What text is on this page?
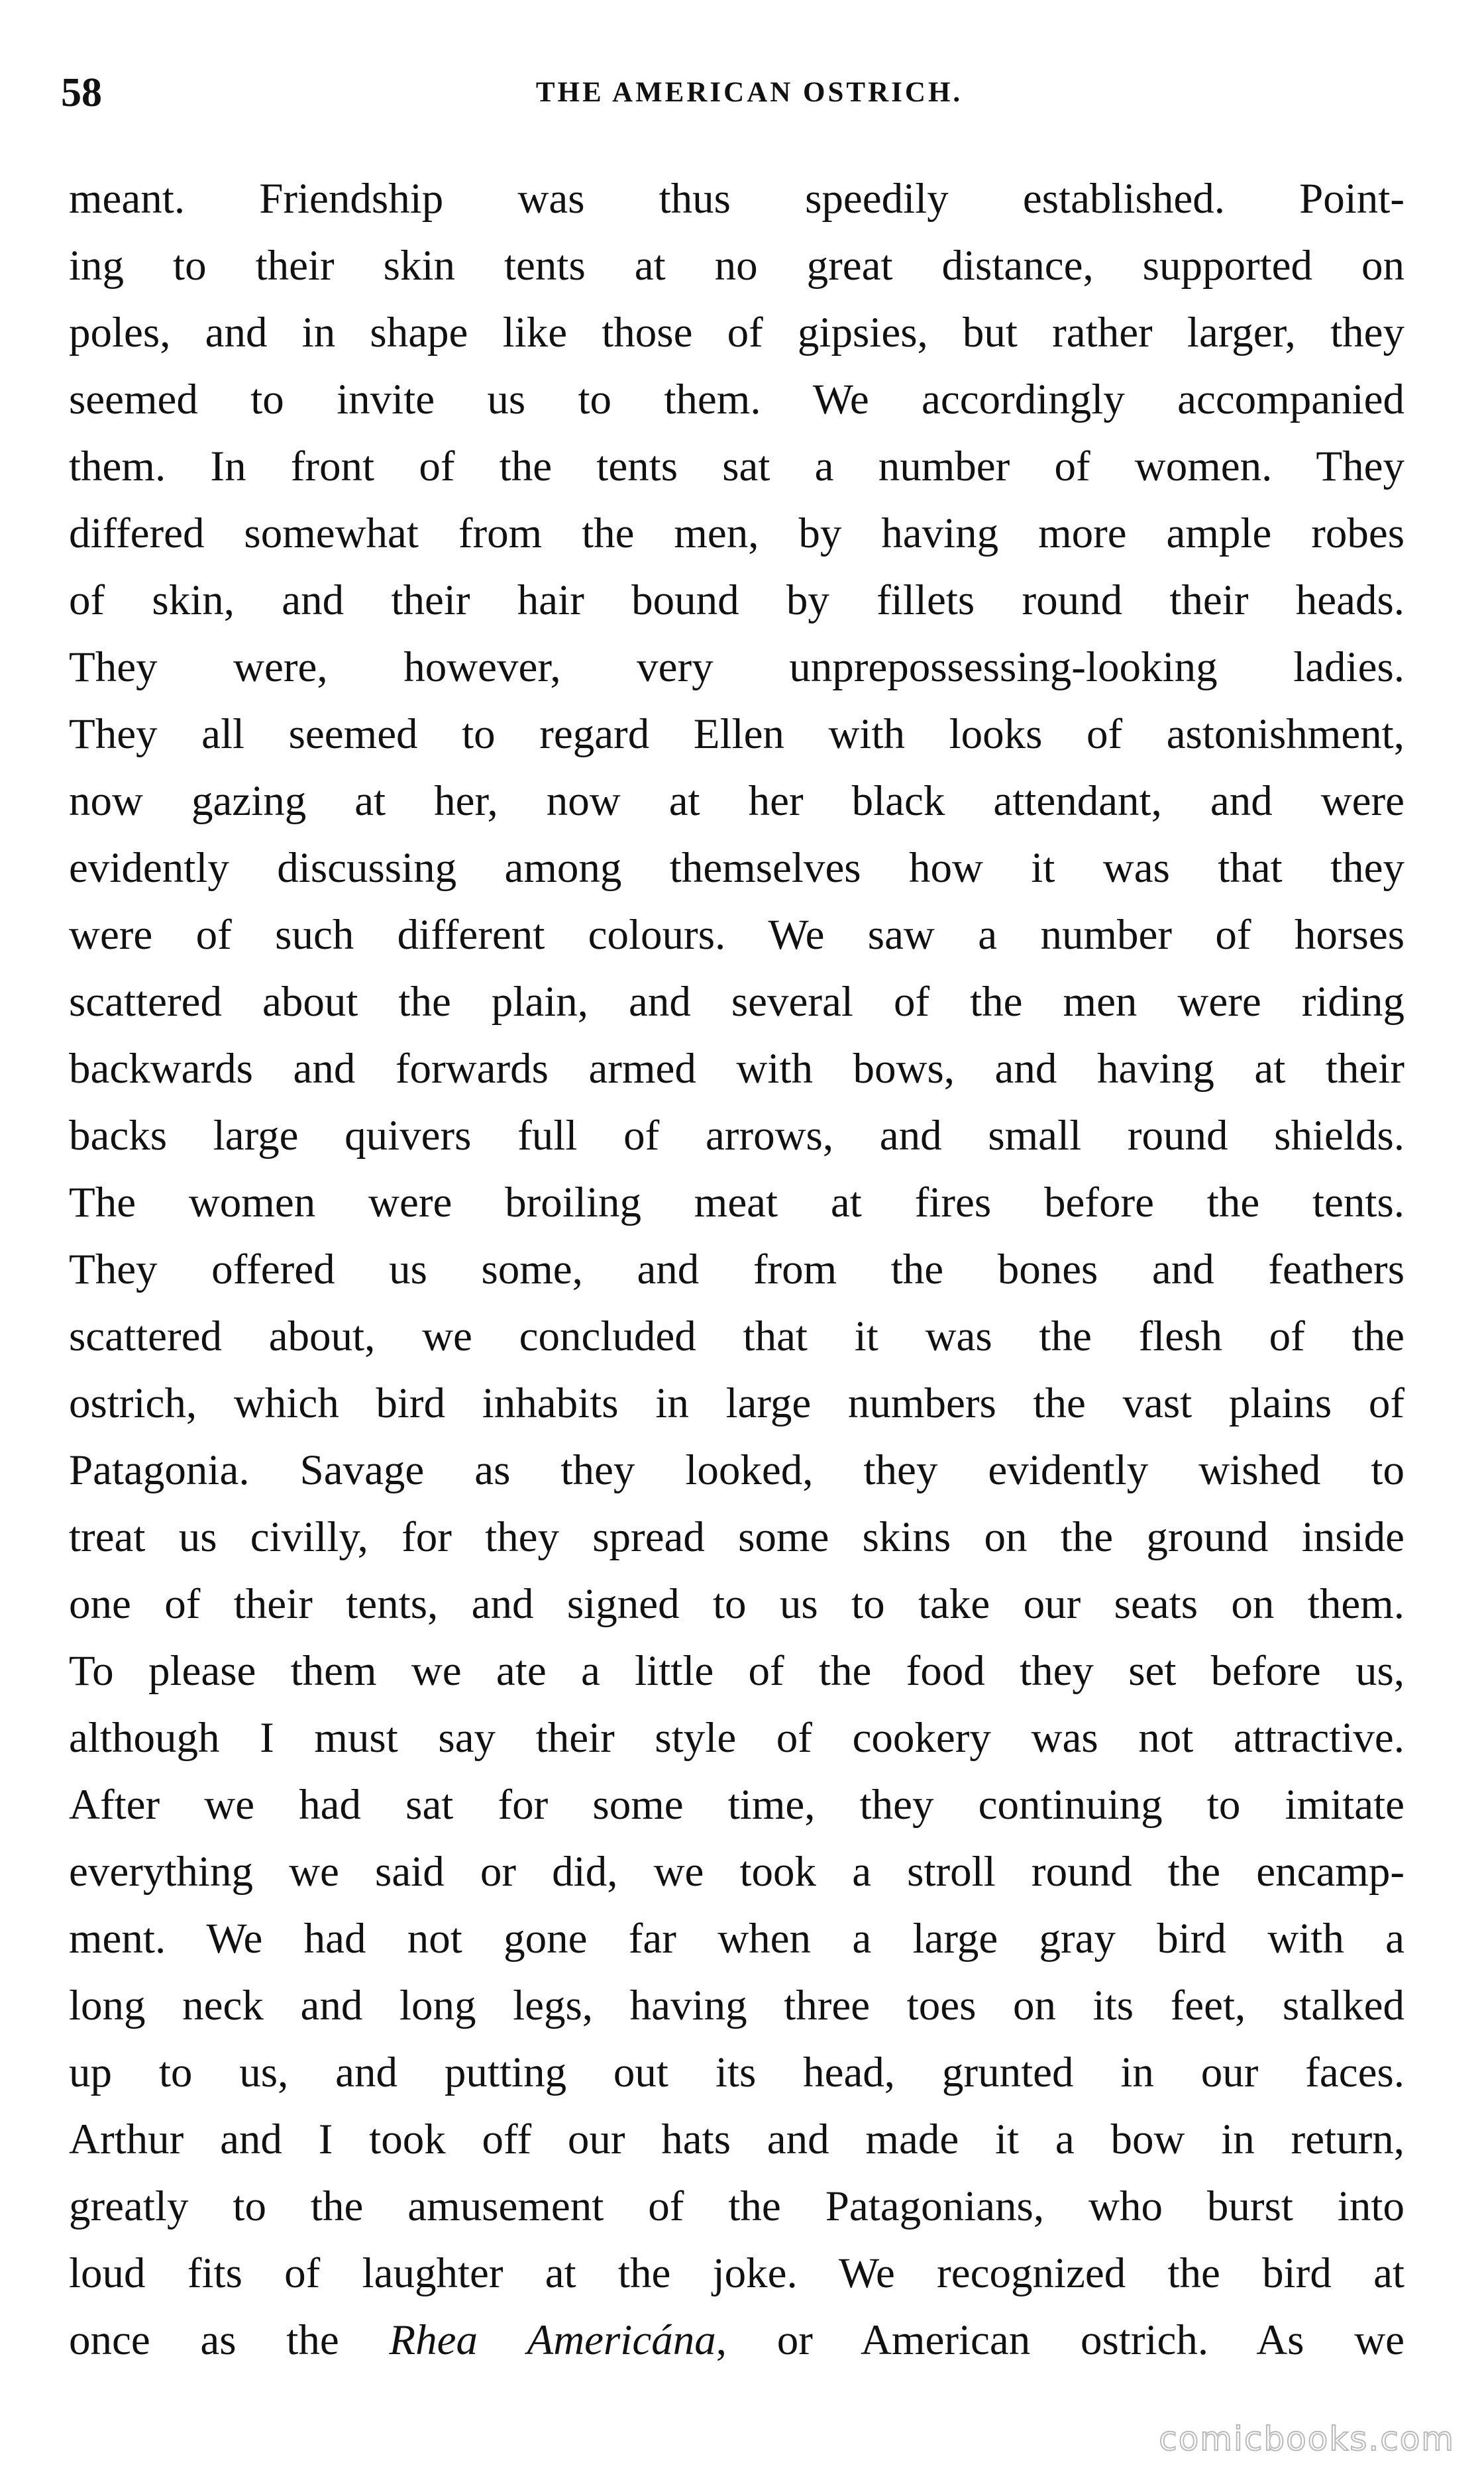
58	THE AMERICAN OSTRICH.
meant. Friendship was thus speedily established. Point-
ing to their skin tents at no great distance, supported on
poles, and in shape like those of gipsies, but rather larger, they
seemed to invite us to them. We accordingly accompanied
them. In front of the tents sat a number of women. They
differed somewhat from the men, by having more ample robes
of skin, and their hair bound by fillets round their heads.
They were, however, very unprepossessing-looking ladies.
They all seemed to regard Ellen with looks of astonishment,
now gazing at her, now at her black attendant, and were
evidently discussing among themselves how it was that they
were of such different colours. We saw a number of horses
scattered about the plain, and several of the men were riding
backwards and forwards armed with bows, and having at their
backs large quivers full of arrows, and small round shields.
The women were broiling meat at fires before the tents.
They offered us some, and from the bones and feathers
scattered about, we concluded that it was the flesh of the
ostrich, which bird inhabits in large numbers the vast plains of
Patagonia. Savage as they looked, they evidently wished to
treat us civilly, for they spread some skins on the ground inside
one of their tents, and signed to us to take our seats on them.
To please them we ate a little of the food they set before us,
although I must say their style of cookery was not attractive.
After we had sat for some time, they continuing to imitate
everything we said or did, we took a stroll round the encamp-
ment. We had not gone far when a large gray bird with a
long neck and long legs, having three toes on its feet, stalked
up to us, and putting out its head, grunted in our faces.
Arthur and I took off our hats and made it a bow in return,
greatly to the amusement of the Patagonians, who burst into
loud fits of laughter at the joke. We recognized the bird at
once as the Rhea Americána, or American ostrich. As we
comicbooks.com
